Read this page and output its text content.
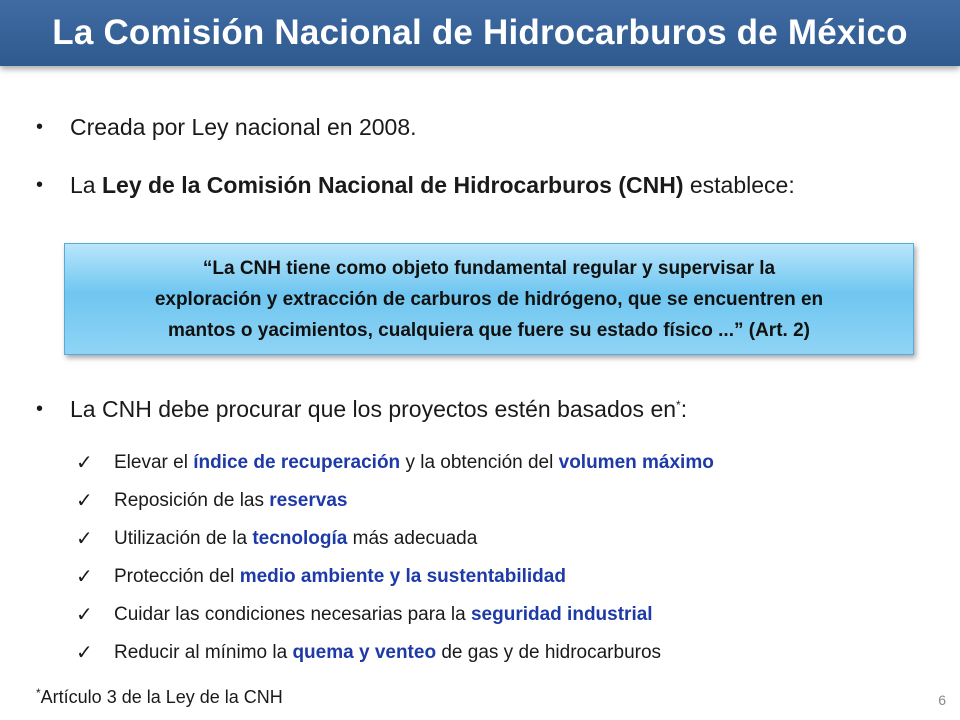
La Comisión Nacional de Hidrocarburos de México
• Creada por Ley nacional en 2008.
• La Ley de la Comisión Nacional de Hidrocarburos (CNH) establece:

“La CNH tiene como objeto fundamental regular y supervisar la
exploración y extracción de carburos de hidrógeno, que se encuentren en
mantos o yacimientos, cualquiera que fuere su estado físico ...” (Art. 2)

• La CNH debe procurar que los proyectos estén basados en*:
✓	Elevar el índice de recuperación y la obtención del volumen máximo
✓	Reposición de las reservas
✓	Utilización de la tecnología más adecuada
✓	Protección del medio ambiente y la sustentabilidad
✓	Cuidar las condiciones necesarias para la seguridad industrial
✓	Reducir al mínimo la quema y venteo de gas y de hidrocarburos
*Artículo 3 de la Ley de la CNH	6
